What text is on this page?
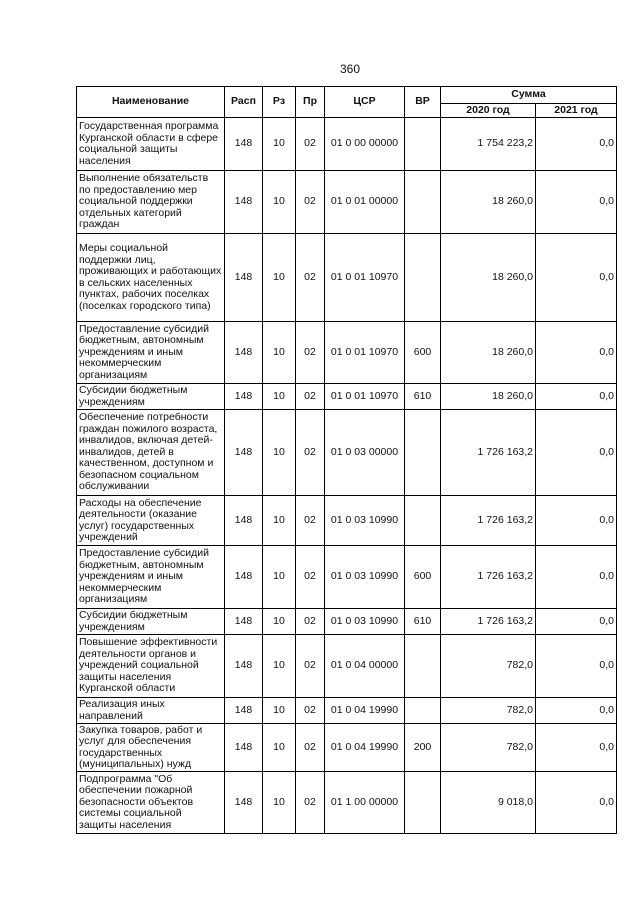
360
Наименование	Расп	Рз	Пр	ЦСР	ВР	Сумма	
						2020 год	2021 год
Государственная программа Курганской области в сфере социальной защиты населения	148	10	02	01 0 00 00000		1 754 223,2	0,0
Выполнение обязательств по предоставлению мер социальной поддержки отдельных категорий граждан	148	10	02	01 0 01 00000		18 260,0	0,0
Меры социальной поддержки лиц, проживающих и работающих в сельских населенных пунктах, рабочих поселках (поселках городского типа)	148	10	02	01 0 01 10970		18 260,0	0,0
Предоставление субсидий бюджетным, автономным учреждениям и иным некоммерческим организациям	148	10	02	01 0 01 10970	600	18 260,0	0,0
Субсидии бюджетным учреждениям	148	10	02	01 0 01 10970	610	18 260,0	0,0
Обеспечение потребности граждан пожилого возраста, инвалидов, включая детей-инвалидов, детей в качественном, доступном и безопасном социальном обслуживании	148	10	02	01 0 03 00000		1 726 163,2	0,0
Расходы на обеспечение деятельности (оказание услуг) государственных учреждений	148	10	02	01 0 03 10990		1 726 163,2	0,0
Предоставление субсидий бюджетным, автономным учреждениям и иным некоммерческим организациям	148	10	02	01 0 03 10990	600	1 726 163,2	0,0
Субсидии бюджетным учреждениям	148	10	02	01 0 03 10990	610	1 726 163,2	0,0
Повышение эффективности деятельности органов и учреждений социальной защиты населения Курганской области	148	10	02	01 0 04 00000		782,0	0,0
Реализация иных направлений	148	10	02	01 0 04 19990		782,0	0,0
Закупка товаров, работ и услуг для обеспечения государственных (муниципальных) нужд	148	10	02	01 0 04 19990	200	782,0	0,0
Подпрограмма "Об обеспечении пожарной безопасности объектов системы социальной защиты населения	148	10	02	01 1 00 00000		9 018,0	0,0
